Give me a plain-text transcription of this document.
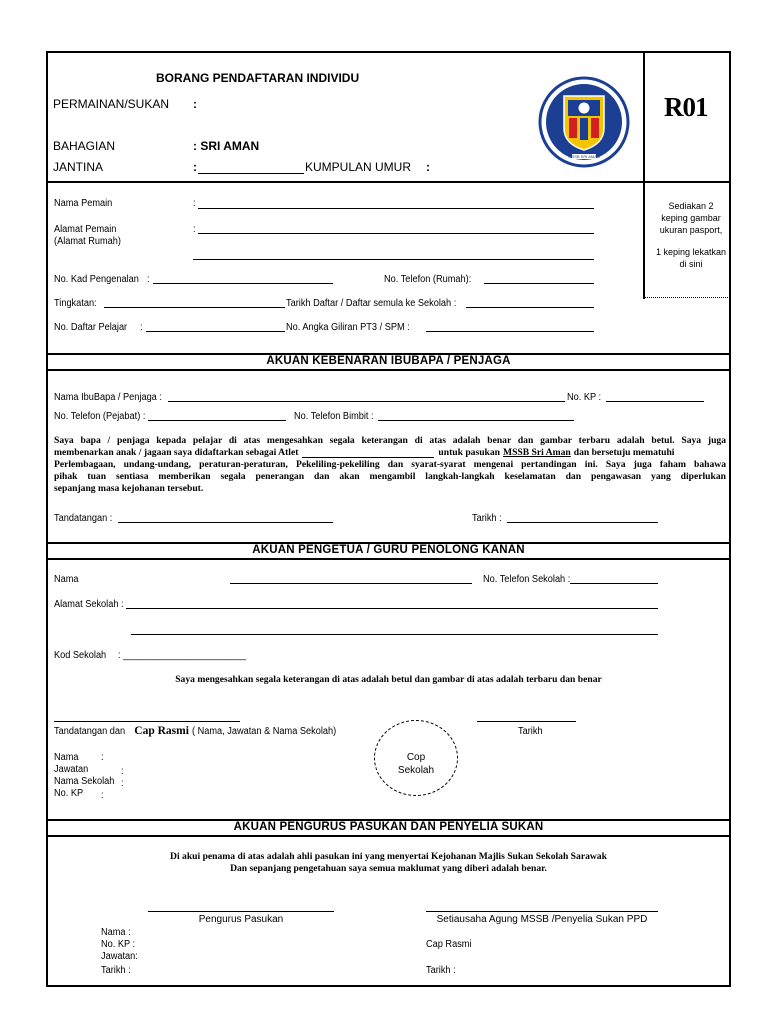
BORANG PENDAFTARAN INDIVIDU
PERMAINAN/SUKAN :
BAHAGIAN	: SRI AMAN
JANTINA	:	KUMPULAN UMUR :
MSSB SRI AMAN
R01
Sediakan 2
keping gambar
ukuran pasport,
1 keping lekatkan
di sini
Nama Pemain	:
Alamat Pemain
(Alamat Rumah)
:
No. Kad Pengenalan :	No. Telefon (Rumah):
Tingkatan:	Tarikh Daftar / Daftar semula ke Sekolah :
No. Daftar Pelajar :	No. Angka Giliran PT3 / SPM :
AKUAN KEBENARAN IBUBAPA / PENJAGA
Nama IbuBapa / Penjaga :	No. KP :
No. Telefon (Pejabat) :	No. Telefon Bimbit :
Saya bapa / penjaga kepada pelajar di atas mengesahkan segala keterangan di atas adalah benar dan gambar terbaru adalah betul. Saya juga
membenarkan anak / jagaan saya didaftarkan sebagai Atlet	untuk pasukan MSSB Sri Aman dan bersetuju mematuhi
Perlembagaan, undang-undang, peraturan-peraturan, Pekeliling-pekeliling dan syarat-syarat mengenai pertandingan ini. Saya juga faham bahawa
pihak tuan sentiasa memberikan segala penerangan dan akan mengambil langkah-langkah keselamatan dan pengawasan yang diperlukan
sepanjang masa kejohanan tersebut.
Tandatangan :	Tarikh :
AKUAN PENGETUA / GURU PENOLONG KANAN
Nama	No. Telefon Sekolah :
Alamat Sekolah :
Kod Sekolah : ________________________
Saya mengesahkan segala keterangan di atas adalah betul dan gambar di atas adalah terbaru dan benar
Tandatangan dan Cap Rasmi ( Nama, Jawatan & Nama Sekolah)	Tarikh
Cop
Sekolah
Nama :
Jawatan	:
Nama Sekolah :
No. KP :
AKUAN PENGURUS PASUKAN DAN PENYELIA SUKAN
Di akui penama di atas adalah ahli pasukan ini yang menyertai Kejohanan Majlis Sukan Sekolah Sarawak
Dan sepanjang pengetahuan saya semua maklumat yang diberi adalah benar.
Pengurus Pasukan	Setiausaha Agung MSSB /Penyelia Sukan PPD
Nama :
No. KP :	Cap Rasmi
Jawatan:
Tarikh :	Tarikh :
